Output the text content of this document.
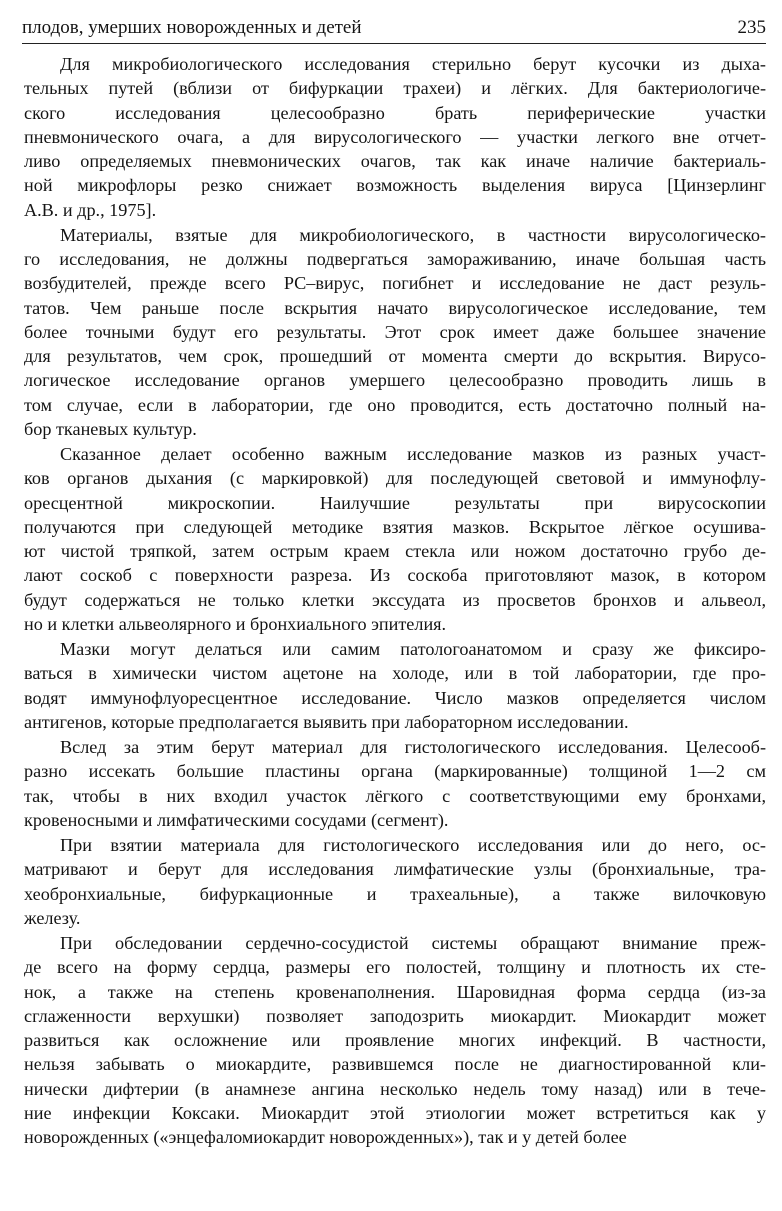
плодов, умерших новорожденных и детей	235

Для микробиологического исследования стерильно берут кусочки из дыха-
тельных путей (вблизи от бифуркации трахеи) и лёгких. Для бактериологиче-
ского исследования целесообразно брать периферические участки
пневмонического очага, а для вирусологического — участки легкого вне отчет-
ливо определяемых пневмонических очагов, так как иначе наличие бактериаль-
ной микрофлоры резко снижает возможность выделения вируса [Цинзерлинг
А.В. и др., 1975].

Материалы, взятые для микробиологического, в частности вирусологическо-
го исследования, не должны подвергаться замораживанию, иначе большая часть
возбудителей, прежде всего РС–вирус, погибнет и исследование не даст резуль-
татов. Чем раньше после вскрытия начато вирусологическое исследование, тем
более точными будут его результаты. Этот срок имеет даже большее значение
для результатов, чем срок, прошедший от момента смерти до вскрытия. Вирусо-
логическое исследование органов умершего целесообразно проводить лишь в
том случае, если в лаборатории, где оно проводится, есть достаточно полный на-
бор тканевых культур.

Сказанное делает особенно важным исследование мазков из разных участ-
ков органов дыхания (с маркировкой) для последующей световой и иммунофлу-
оресцентной микроскопии. Наилучшие результаты при вирусоскопии
получаются при следующей методике взятия мазков. Вскрытое лёгкое осушива-
ют чистой тряпкой, затем острым краем стекла или ножом достаточно грубо де-
лают соскоб с поверхности разреза. Из соскоба приготовляют мазок, в котором
будут содержаться не только клетки экссудата из просветов бронхов и альвеол,
но и клетки альвеолярного и бронхиального эпителия.

Мазки могут делаться или самим патологоанатомом и сразу же фиксиро-
ваться в химически чистом ацетоне на холоде, или в той лаборатории, где про-
водят иммунофлуоресцентное исследование. Число мазков определяется числом
антигенов, которые предполагается выявить при лабораторном исследовании.

Вслед за этим берут материал для гистологического исследования. Целесооб-
разно иссекать большие пластины органа (маркированные) толщиной 1—2 см
так, чтобы в них входил участок лёгкого с соответствующими ему бронхами,
кровеносными и лимфатическими сосудами (сегмент).

При взятии материала для гистологического исследования или до него, ос-
матривают и берут для исследования лимфатические узлы (бронхиальные, тра-
хеобронхиальные, бифуркационные и трахеальные), а также вилочковую
железу.

При обследовании сердечно-сосудистой системы обращают внимание преж-
де всего на форму сердца, размеры его полостей, толщину и плотность их сте-
нок, а также на степень кровенаполнения. Шаровидная форма сердца (из-за
сглаженности верхушки) позволяет заподозрить миокардит. Миокардит может
развиться как осложнение или проявление многих инфекций. В частности,
нельзя забывать о миокардите, развившемся после не диагностированной кли-
нически дифтерии (в анамнезе ангина несколько недель тому назад) или в тече-
ние инфекции Коксаки. Миокардит этой этиологии может встретиться как у
новорожденных («энцефаломиокардит новорожденных»), так и у детей более
